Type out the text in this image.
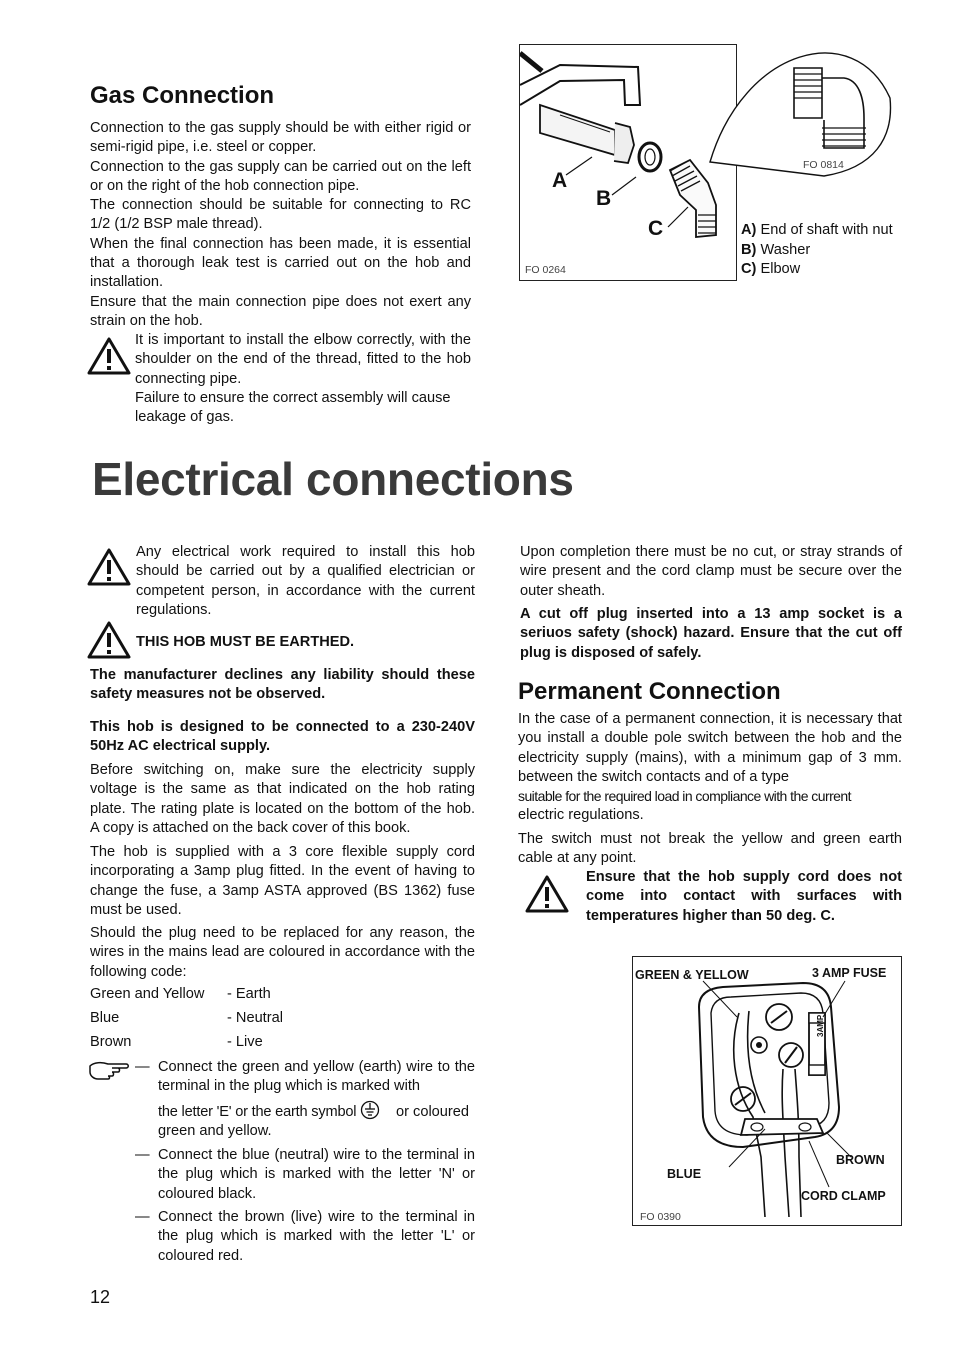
Gas Connection

Connection to the gas supply should be with either rigid or semi-rigid pipe, i.e. steel or copper.

Connection to the gas supply can be carried out on the left or on the right of the hob connection pipe.

The connection should be suitable for connecting to RC 1/2 (1/2 BSP male thread).

When the final connection has been made, it is essential that a thorough leak test is carried out on the hob and installation.

Ensure that the main connection pipe does not exert any strain on the hob.

It is important to install the elbow correctly, with the shoulder on the end of the thread, fitted to the hob connecting pipe.

Failure to ensure the correct assembly will cause leakage of gas.

A
B
C
FO 0264
FO 0814
A) End of shaft with nut
B) Washer
C) Elbow
Electrical connections

Any electrical work required to install this hob should be carried out by a qualified electrician or competent person, in accordance with the current regulations.

THIS HOB MUST BE EARTHED.

The manufacturer declines any liability should these safety measures not be observed.

This hob is designed to be connected to a 230-240V 50Hz AC electrical supply.

Before switching on, make sure the electricity supply voltage is the same as that indicated on the hob rating plate. The rating plate is located on the bottom of the hob. A copy is attached on the back cover of this book.

The hob is supplied with a 3 core flexible supply cord incorporating a 3amp plug fitted. In the event of having to change the fuse, a 3amp ASTA approved (BS 1362) fuse must be used.

Should the plug need to be replaced for any reason, the wires in the mains lead are coloured in accordance with the following code:

Green and Yellow - Earth
Blue	- Neutral
Brown	- Live
— Connect the green and yellow (earth) wire to the terminal in the plug which is marked with

the letter 'E' or the earth symbol	or coloured green and yellow.

— Connect the blue (neutral) wire to the terminal in the plug which is marked with the letter 'N' or coloured black.

— Connect the brown (live) wire to the terminal in the plug which is marked with the letter 'L' or coloured red.

Upon completion there must be no cut, or stray strands of wire present and the cord clamp must be secure over the outer sheath.

A cut off plug inserted into a 13 amp socket is a seriuos safety (shock) hazard. Ensure that the cut off plug is disposed of safely.

Permanent Connection

In the case of a permanent connection, it is necessary that you install a double pole switch between the hob and the electricity supply (mains), with a minimum gap of 3 mm. between the switch contacts and of a type

suitable for the required load in compliance with the current

electric regulations.

The switch must not break the yellow and green earth cable at any point.

Ensure that the hob supply cord does not come into contact with surfaces with temperatures higher than 50 deg. C.

GREEN & YELLOW	3 AMP FUSE
3AMP
BLUE
BROWN
CORD CLAMP
FO 0390
12
